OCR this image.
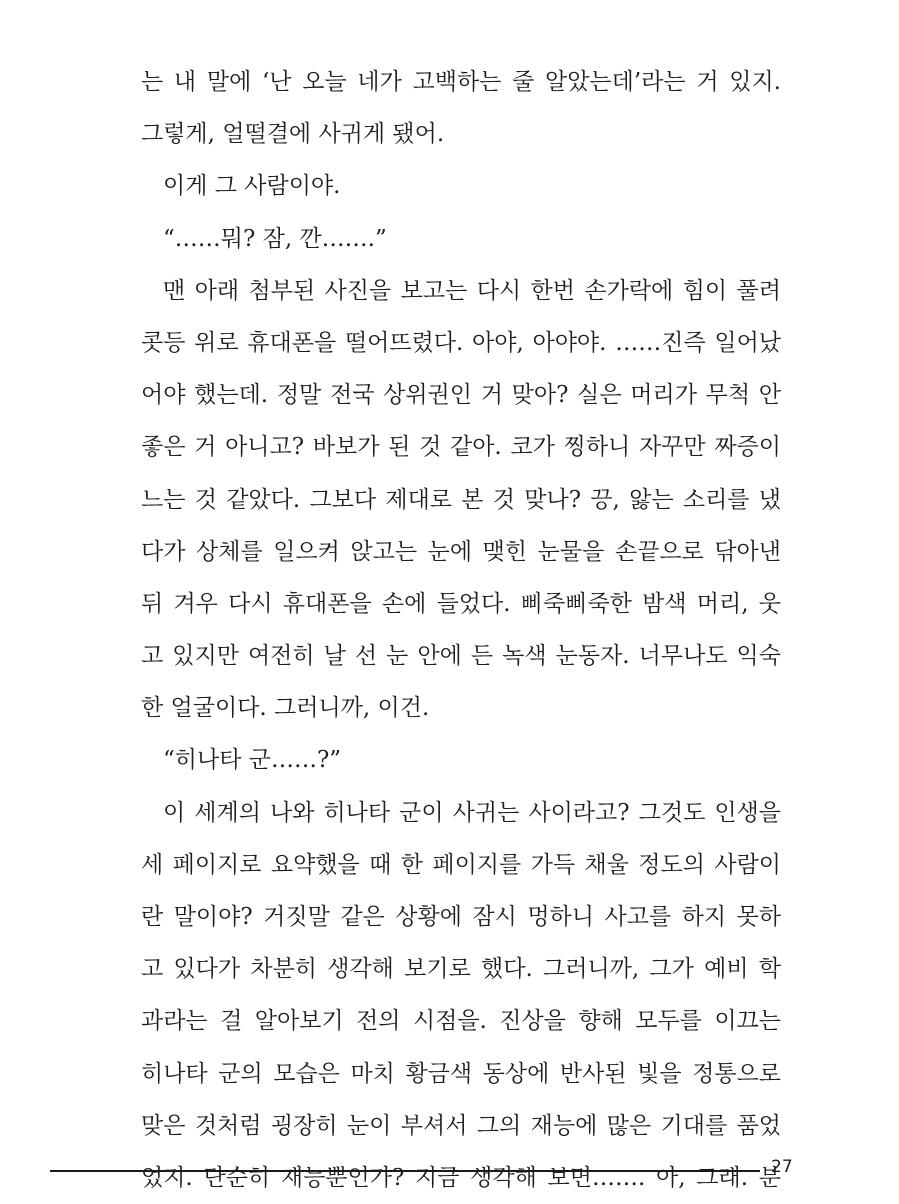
는 내 말에 ‘난 오늘 네가 고백하는 줄 알았는데’라는 거 있지.
그렇게, 얼떨결에 사귀게 됐어.
이게 그 사람이야.
“……뭐? 잠, 깐…….”
맨 아래 첨부된 사진을 보고는 다시 한번 손가락에 힘이 풀려
콧등 위로 휴대폰을 떨어뜨렸다. 아야, 아야야. ……진즉 일어났
어야 했는데. 정말 전국 상위권인 거 맞아? 실은 머리가 무척 안
좋은 거 아니고? 바보가 된 것 같아. 코가 찡하니 자꾸만 짜증이
느는 것 같았다. 그보다 제대로 본 것 맞나? 끙, 앓는 소리를 냈
다가 상체를 일으켜 앉고는 눈에 맺힌 눈물을 손끝으로 닦아낸
뒤 겨우 다시 휴대폰을 손에 들었다. 삐죽삐죽한 밤색 머리, 웃
고 있지만 여전히 날 선 눈 안에 든 녹색 눈동자. 너무나도 익숙
한 얼굴이다. 그러니까, 이건.
“히나타 군……?”
이 세계의 나와 히나타 군이 사귀는 사이라고? 그것도 인생을
세 페이지로 요약했을 때 한 페이지를 가득 채울 정도의 사람이
란 말이야? 거짓말 같은 상황에 잠시 멍하니 사고를 하지 못하
고 있다가 차분히 생각해 보기로 했다. 그러니까, 그가 예비 학
과라는 걸 알아보기 전의 시점을. 진상을 향해 모두를 이끄는
히나타 군의 모습은 마치 황금색 동상에 반사된 빛을 정통으로
맞은 것처럼 굉장히 눈이 부셔서 그의 재능에 많은 기대를 품었
었지. 단순히 재능뿐인가? 지금 생각해 보면……. 아, 그래. 분
27
